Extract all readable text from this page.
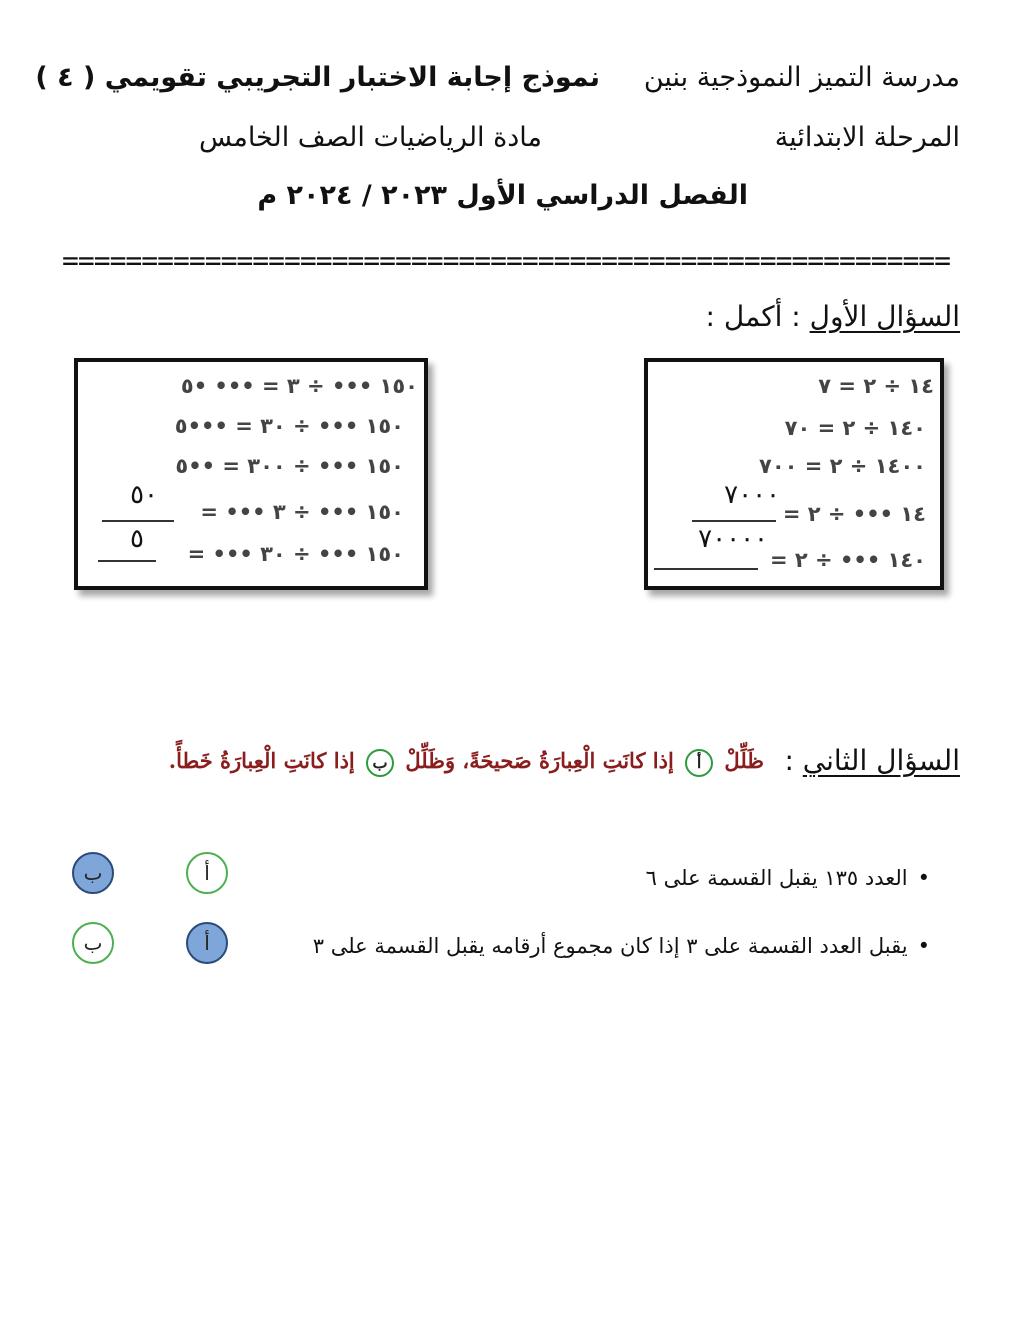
مدرسة التميز النموذجية بنين
نموذج إجابة الاختبار التجريبي تقويمي ( ٤ )
المرحلة الابتدائية
مادة الرياضيات الصف الخامس
الفصل الدراسي الأول ٢٠٢٣ / ٢٠٢٤ م
========================================================
السؤال الأول : أكمل :
١٤ ÷ ٢ = ٧
١٤٠ ÷ ٢ = ٧٠
١٤٠٠ ÷ ٢ = ٧٠٠
١٤ ••• ÷ ٢ =
٧٠٠٠
١٤٠ ••• ÷ ٢ =
٧٠٠٠٠
١٥٠ ••• ÷ ٣ = ••• •٥
١٥٠ ••• ÷ ٣٠ = •••٥
١٥٠ ••• ÷ ٣٠٠ = ••٥
١٥٠ ••• ÷ ٣ ••• =
٥٠
١٥٠ ••• ÷ ٣٠ ••• =
٥
السؤال الثاني :
ظَلِّلْ أ إذا كانَتِ الْعِبارَةُ صَحيحَةً، وَظَلِّلْ ب إذا كانَتِ الْعِبارَةُ خَطأً.
•العدد ١٣٥ يقبل القسمة على ٦
أ
ب
•يقبل العدد القسمة على ٣ إذا كان مجموع أرقامه يقبل القسمة على ٣
أ
ب
